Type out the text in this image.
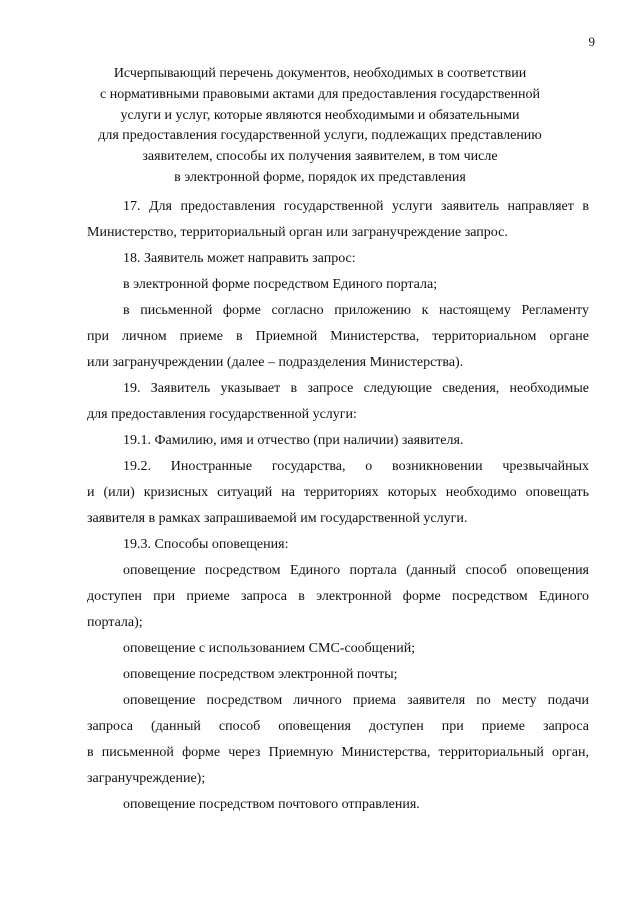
9
Исчерпывающий перечень документов, необходимых в соответствии
с нормативными правовыми актами для предоставления государственной
услуги и услуг, которые являются необходимыми и обязательными
для предоставления государственной услуги, подлежащих представлению
заявителем, способы их получения заявителем, в том числе
в электронной форме, порядок их представления
17. Для предоставления государственной услуги заявитель направляет в
Министерство, территориальный орган или загранучреждение запрос.
18. Заявитель может направить запрос:
в электронной форме посредством Единого портала;
в письменной форме согласно приложению к настоящему Регламенту
при личном приеме в Приемной Министерства, территориальном органе
или загранучреждении (далее – подразделения Министерства).
19. Заявитель указывает в запросе следующие сведения, необходимые
для предоставления государственной услуги:
19.1. Фамилию, имя и отчество (при наличии) заявителя.
19.2. Иностранные государства, о возникновении чрезвычайных
и (или) кризисных ситуаций на территориях которых необходимо оповещать
заявителя в рамках запрашиваемой им государственной услуги.
19.3. Способы оповещения:
оповещение посредством Единого портала (данный способ оповещения
доступен при приеме запроса в электронной форме посредством Единого
портала);
оповещение с использованием СМС-сообщений;
оповещение посредством электронной почты;
оповещение посредством личного приема заявителя по месту подачи
запроса (данный способ оповещения доступен при приеме запроса
в письменной форме через Приемную Министерства, территориальный орган,
загранучреждение);
оповещение посредством почтового отправления.
